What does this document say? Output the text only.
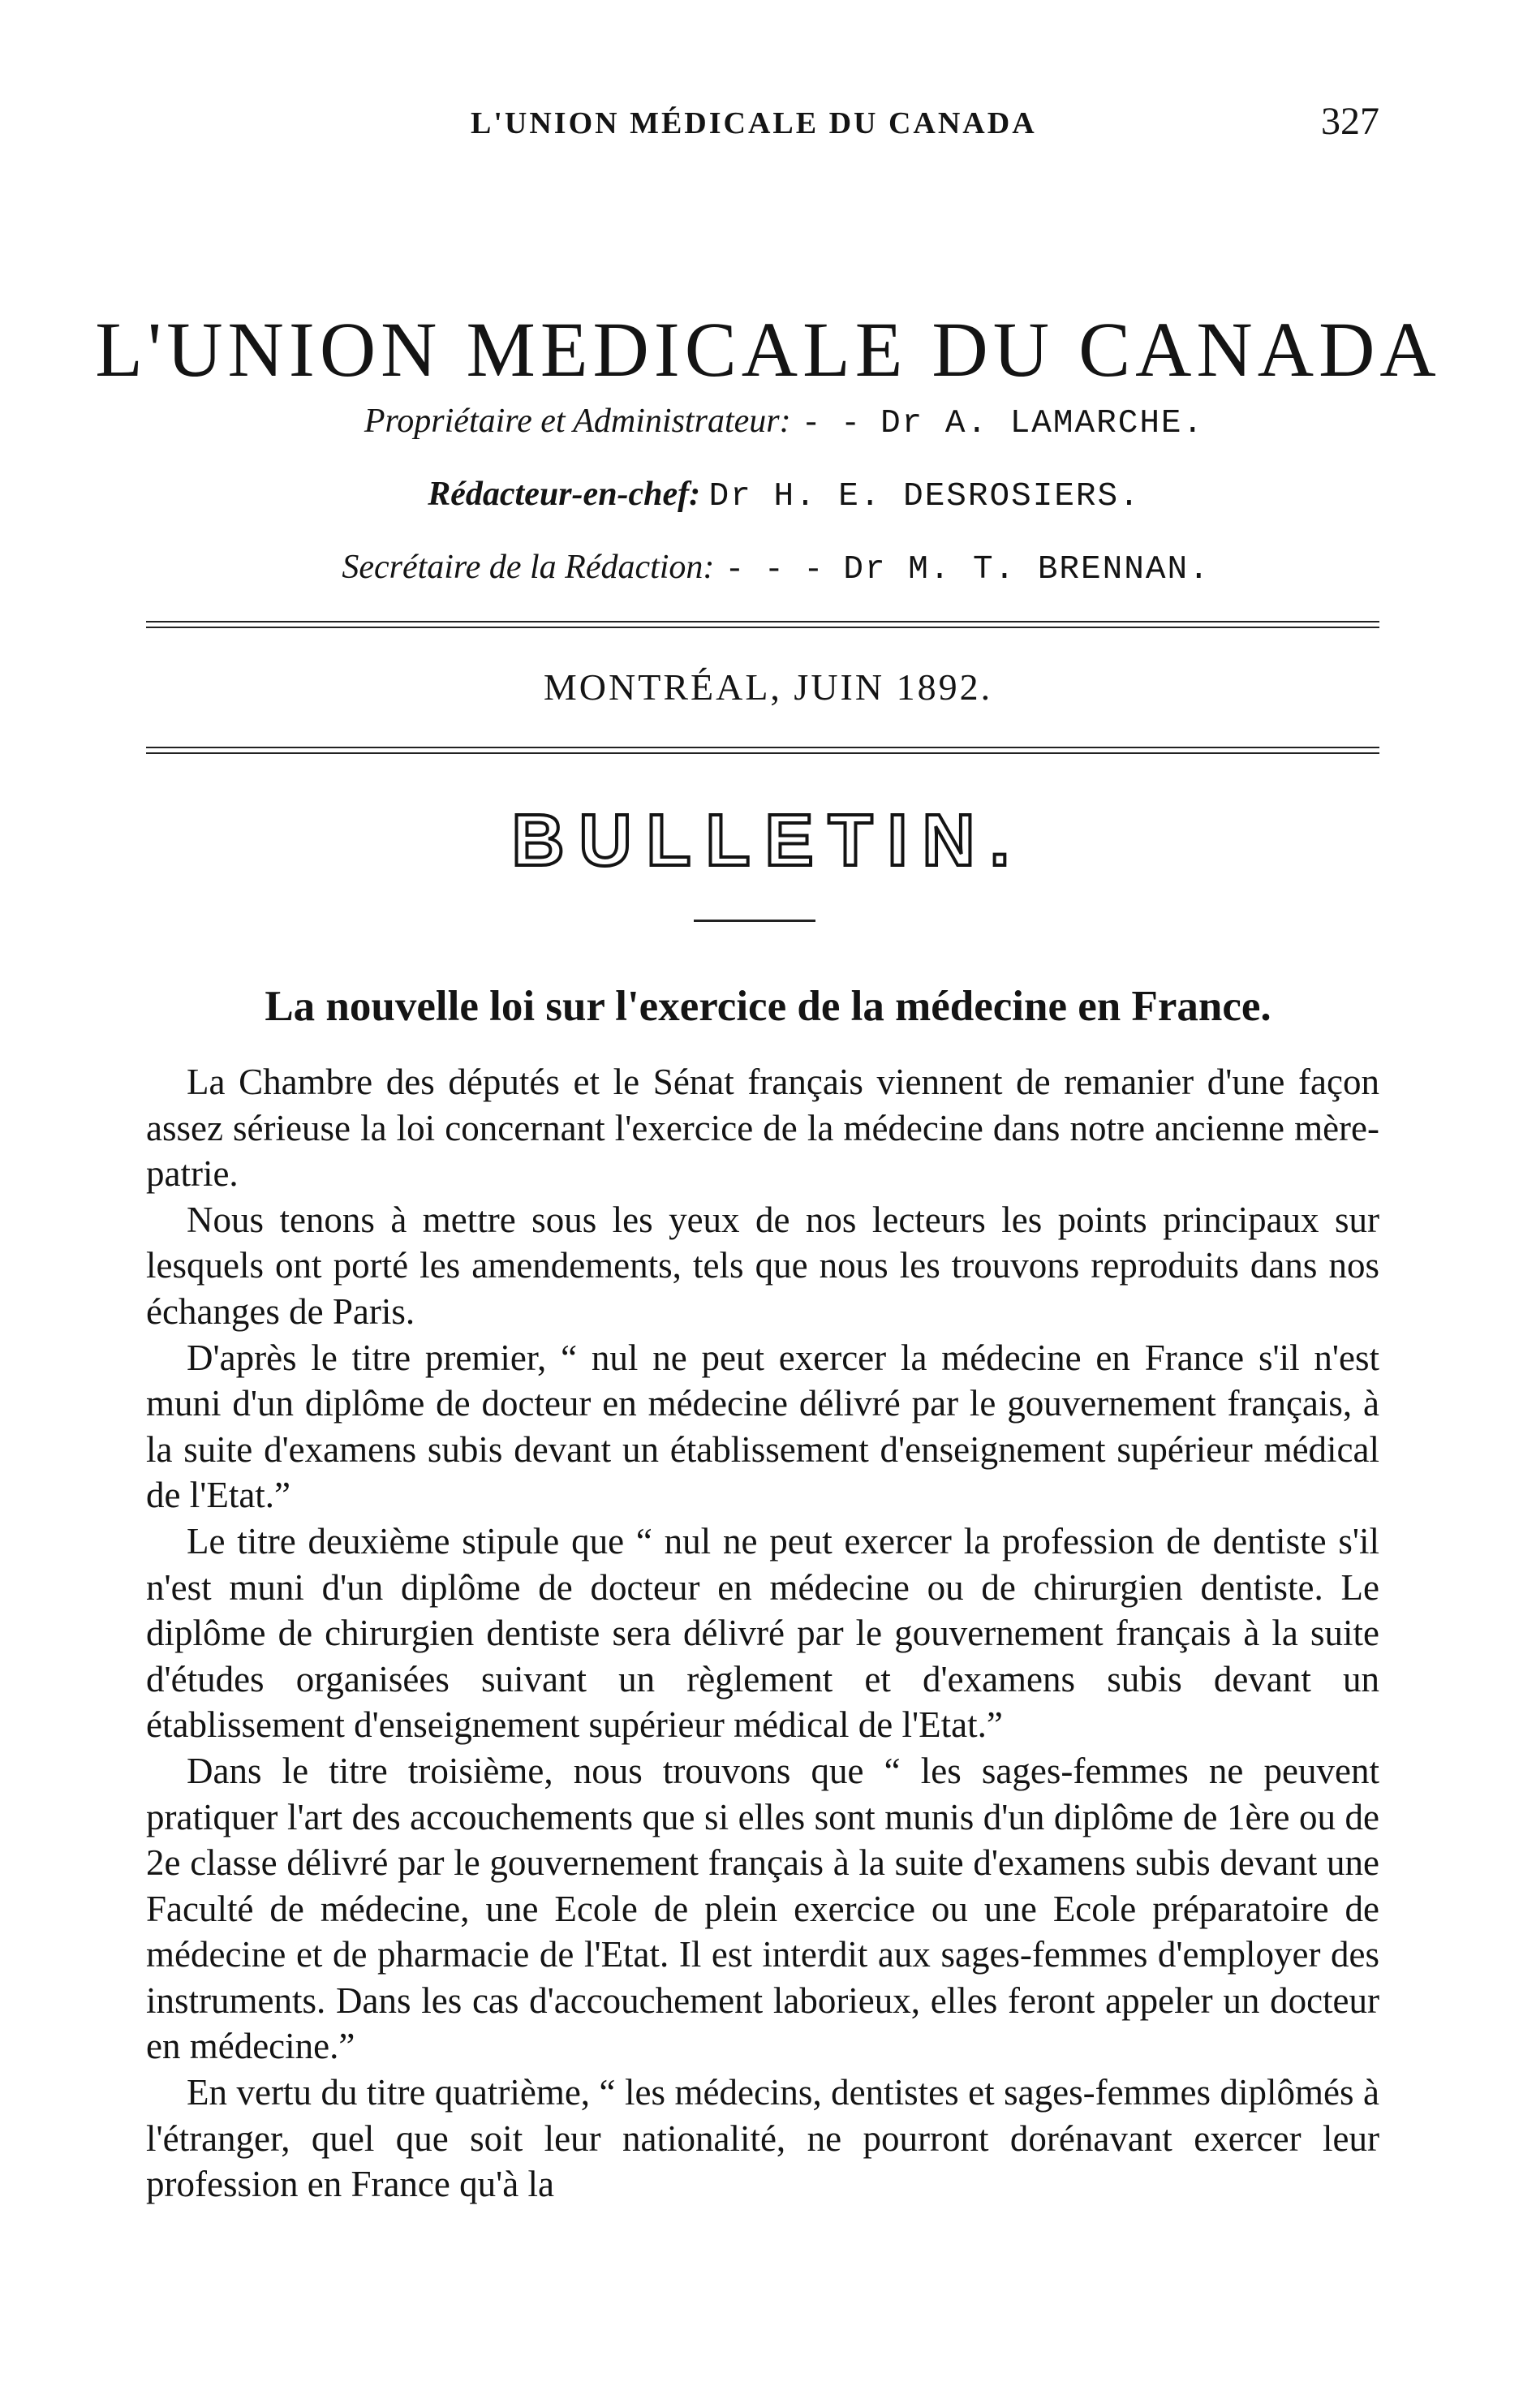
L'UNION MÉDICALE DU CANADA	327
L'UNION MEDICALE DU CANADA
Propriétaire et Administrateur: - - Dr A. LAMARCHE.
Rédacteur-en-chef: Dr H. E. DESROSIERS.
Secrétaire de la Rédaction: - - - Dr M. T. BRENNAN.
MONTRÉAL, JUIN 1892.
BULLETIN.
La nouvelle loi sur l'exercice de la médecine en France.

La Chambre des députés et le Sénat français viennent de remanier d'une façon assez sérieuse la loi concernant l'exercice de la médecine dans notre ancienne mère-patrie.

Nous tenons à mettre sous les yeux de nos lecteurs les points principaux sur lesquels ont porté les amendements, tels que nous les trouvons reproduits dans nos échanges de Paris.

D'après le titre premier, “ nul ne peut exercer la médecine en France s'il n'est muni d'un diplôme de docteur en médecine délivré par le gouvernement français, à la suite d'examens subis devant un établissement d'enseignement supérieur médical de l'Etat.”

Le titre deuxième stipule que “ nul ne peut exercer la profession de dentiste s'il n'est muni d'un diplôme de docteur en médecine ou de chirurgien dentiste. Le diplôme de chirurgien dentiste sera délivré par le gouvernement français à la suite d'études organisées suivant un règlement et d'examens subis devant un établissement d'enseignement supérieur médical de l'Etat.”

Dans le titre troisième, nous trouvons que “ les sages-femmes ne peuvent pratiquer l'art des accouchements que si elles sont munis d'un diplôme de 1ère ou de 2e classe délivré par le gouvernement français à la suite d'examens subis devant une Faculté de médecine, une Ecole de plein exercice ou une Ecole préparatoire de médecine et de pharmacie de l'Etat. Il est interdit aux sages-femmes d'employer des instruments. Dans les cas d'accouchement laborieux, elles feront appeler un docteur en médecine.”

En vertu du titre quatrième, “ les médecins, dentistes et sages-femmes diplômés à l'étranger, quel que soit leur nationalité, ne pourront dorénavant exercer leur profession en France qu'à la
